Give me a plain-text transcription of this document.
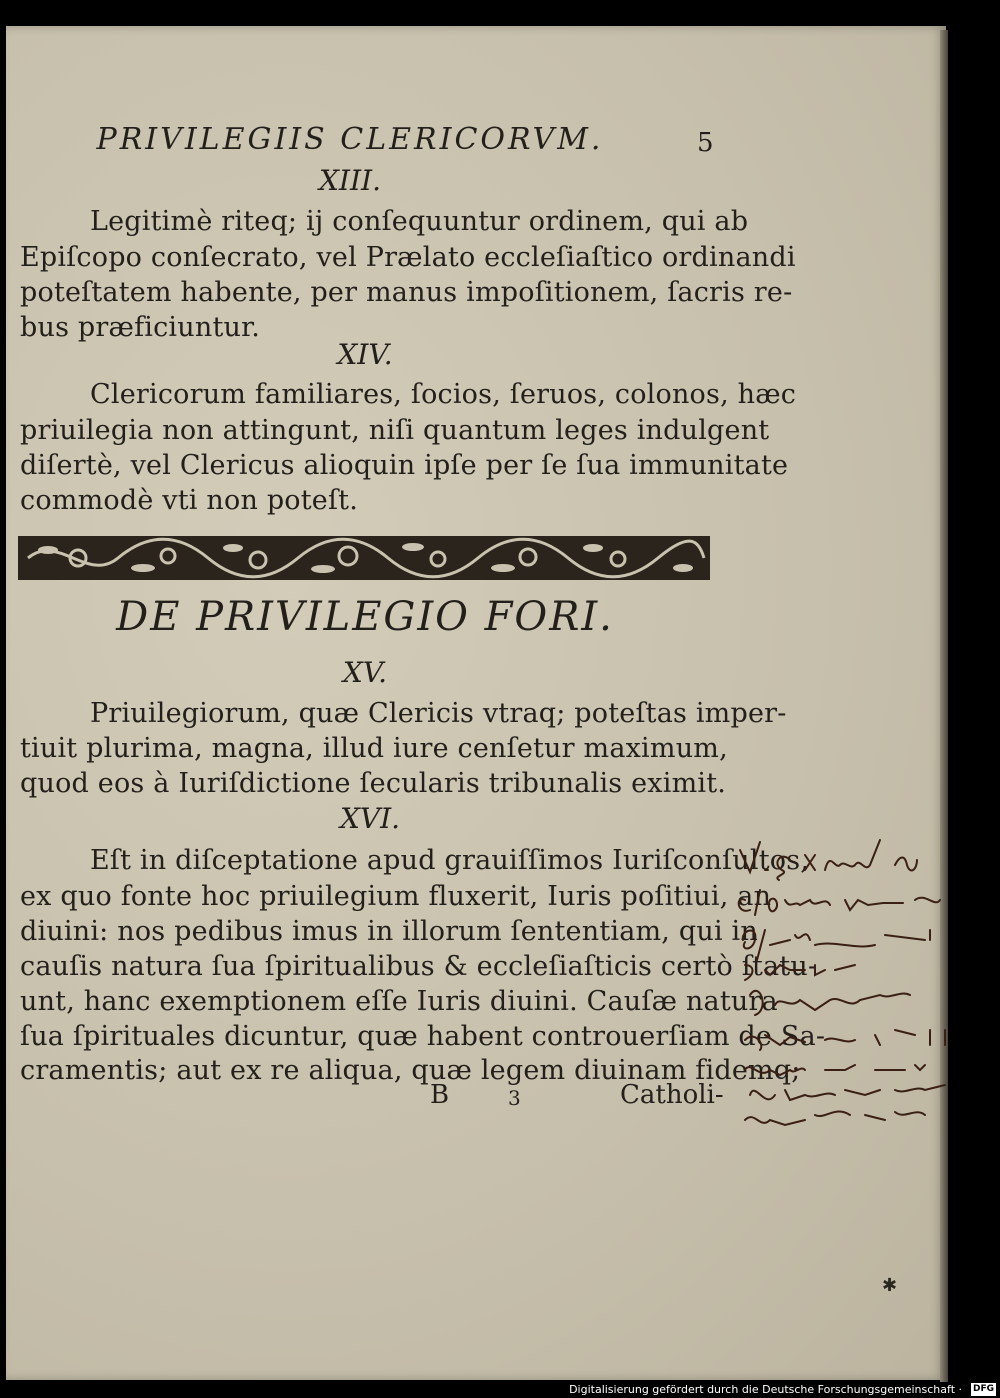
PRIVILEGIIS CLERICORVM.	5
XIII.
Legitimè riteq; ij conſequuntur ordinem, qui ab
Epiſcopo conſecrato, vel Prælato eccleſiaſtico ordinandi
poteſtatem habente, per manus impoſitionem, ſacris re-
bus præficiuntur.
XIV.
Clericorum familiares, ſocios, ſeruos, colonos, hæc
priuilegia non attingunt, niſi quantum leges indulgent
diſertè, vel Clericus alioquin ipſe per ſe ſua immunitate
commodè vti non poteſt.
DE PRIVILEGIO FORI.
XV.
Priuilegiorum, quæ Clericis vtraq; poteſtas imper-
tiuit plurima, magna, illud iure cenſetur maximum,
quod eos à Iuriſdictione ſecularis tribunalis eximit.
XVI.
Eſt in diſceptatione apud grauiſſimos Iuriſconſultos,
ex quo fonte hoc priuilegium fluxerit, Iuris poſitiui, an
diuini: nos pedibus imus in illorum ſententiam, qui in
cauſis natura ſua ſpiritualibus & eccleſiaſticis certò ſtatu-
unt, hanc exemptionem eſſe Iuris diuini. Cauſæ natura
ſua ſpirituales dicuntur, quæ habent controuerſiam de Sa-
cramentis; aut ex re aliqua, quæ legem diuinam fidemq;
B	3	Catholi-
✱
Digitalisierung gefördert durch die Deutsche Forschungsgemeinschaft · DFG
